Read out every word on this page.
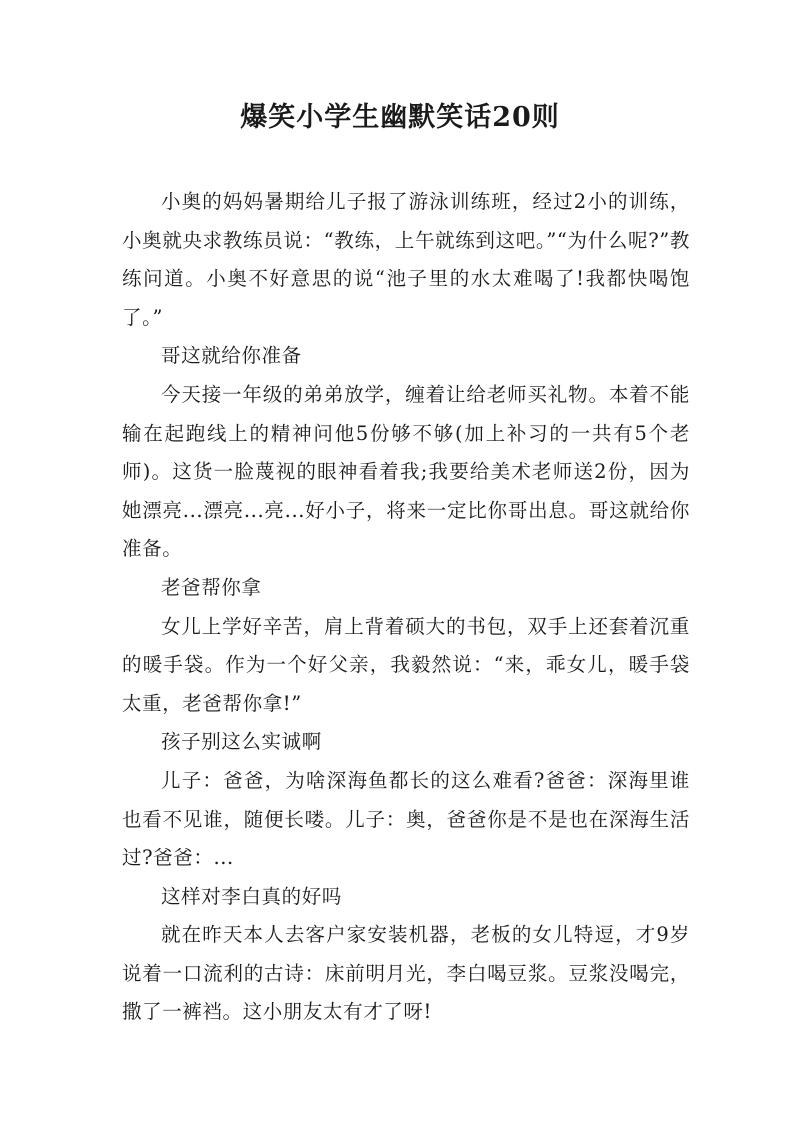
爆笑小学生幽默笑话20则

小奥的妈妈暑期给儿子报了游泳训练班，经过2小的训练，小奥就央求教练员说：“教练，上午就练到这吧。”“为什么呢?”教练问道。小奥不好意思的说“池子里的水太难喝了!我都快喝饱了。”

哥这就给你准备

今天接一年级的弟弟放学，缠着让给老师买礼物。本着不能输在起跑线上的精神问他5份够不够(加上补习的一共有5个老师)。这货一脸蔑视的眼神看着我;我要给美术老师送2份，因为她漂亮...漂亮...亮...好小子，将来一定比你哥出息。哥这就给你准备。

老爸帮你拿

女儿上学好辛苦，肩上背着硕大的书包，双手上还套着沉重的暖手袋。作为一个好父亲，我毅然说：“来，乖女儿，暖手袋太重，老爸帮你拿!”

孩子别这么实诚啊

儿子：爸爸，为啥深海鱼都长的这么难看?爸爸：深海里谁也看不见谁，随便长喽。儿子：奥，爸爸你是不是也在深海生活过?爸爸：...

这样对李白真的好吗

就在昨天本人去客户家安装机器，老板的女儿特逗，才9岁说着一口流利的古诗：床前明月光，李白喝豆浆。豆浆没喝完，撒了一裤裆。这小朋友太有才了呀!
